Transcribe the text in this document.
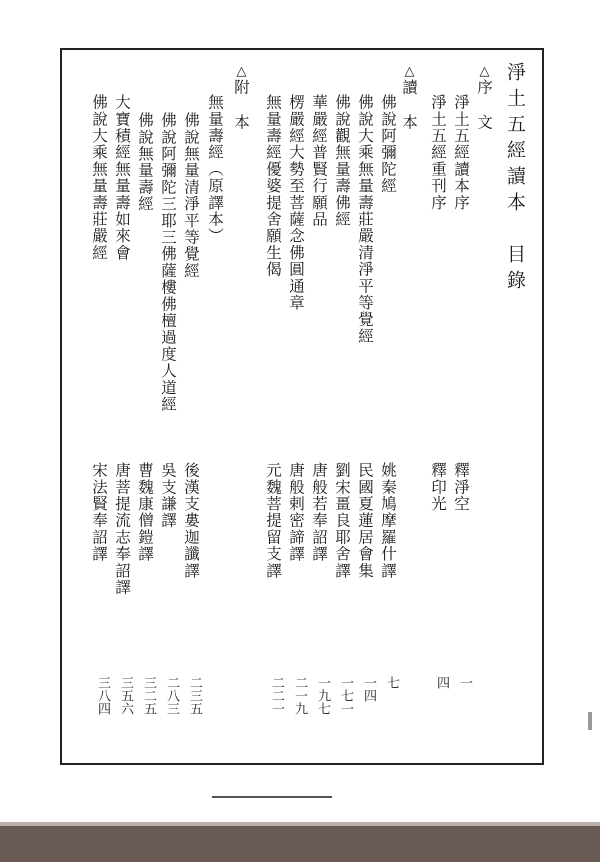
淨土五經讀本目錄
△序文
淨土五經讀本序
淨土五經重刊序
△讀本
佛說阿彌陀經
佛說大乘無量壽莊嚴清淨平等覺經
佛說觀無量壽佛經
華嚴經普賢行願品
楞嚴經大勢至菩薩念佛圓通章
無量壽經優婆提舍願生偈
△附本
無量壽經（原譯本）
佛說無量清淨平等覺經
佛說阿彌陀三耶三佛薩樓佛檀過度人道經
佛說無量壽經
大寶積經無量壽如來會
佛說大乘無量壽莊嚴經
釋淨空
釋印光
姚秦鳩摩羅什譯
民國夏蓮居會集
劉宋畺良耶舍譯
唐般若奉詔譯
唐般剌密諦譯
元魏菩提留支譯
後漢支婁迦讖譯
吳支謙譯
曹魏康僧鎧譯
唐菩提流志奉詔譯
宋法賢奉詔譯
一
四
七
一四
一七一
一九七
二一九
二二一
二三五
二八三
三二五
三五六
三八四
